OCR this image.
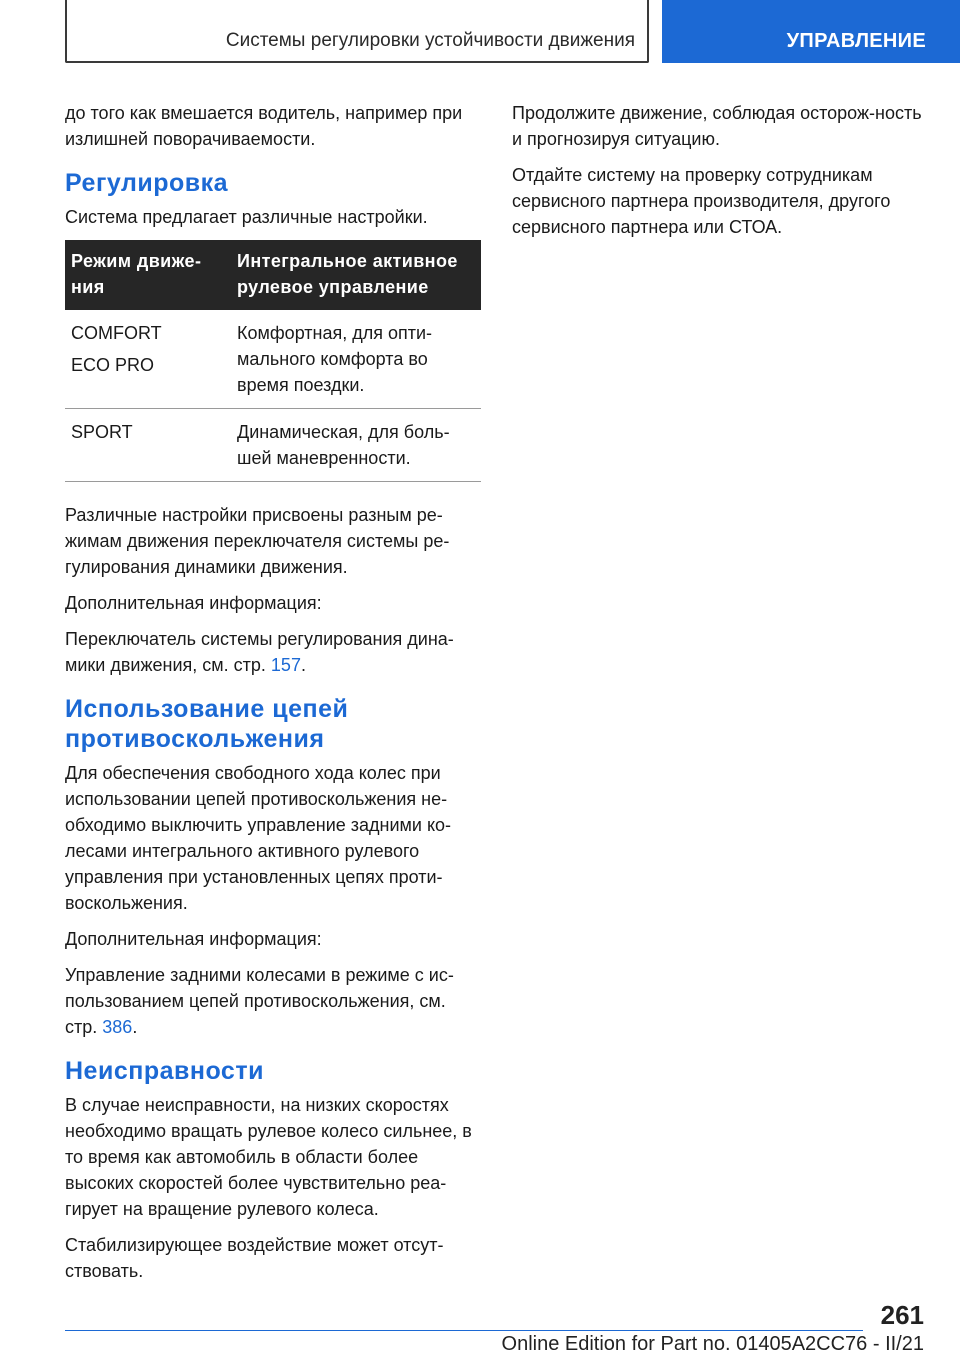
Системы регулировки устойчивости движения	УПРАВЛЕНИЕ

до того как вмешается водитель, например при излишней поворачиваемости.

Регулировка

Система предлагает различные настройки.

Режим движе-ния	Интегральное активное рулевое управление

COMFORT
ECO PRO	Комфортная, для опти-мального комфорта во время поездки.

SPORT	Динамическая, для боль-шей маневренности.

Различные настройки присвоены разным ре-жимам движения переключателя системы ре-гулирования динамики движения.

Дополнительная информация:

Переключатель системы регулирования дина-мики движения, см. стр. 157.

Использование цепей противоскольжения

Для обеспечения свободного хода колес при использовании цепей противоскольжения не-обходимо выключить управление задними ко-лесами интегрального активного рулевого управления при установленных цепях проти-воскольжения.

Дополнительная информация:

Управление задними колесами в режиме с ис-пользованием цепей противоскольжения, см. стр. 386.

Неисправности

В случае неисправности, на низких скоростях необходимо вращать рулевое колесо сильнее, в то время как автомобиль в области более высоких скоростей более чувствительно реа-гирует на вращение рулевого колеса.

Стабилизирующее воздействие может отсут-ствовать.

Продолжите движение, соблюдая осторож-ность и прогнозируя ситуацию.

Отдайте систему на проверку сотрудникам сервисного партнера производителя, другого сервисного партнера или СТОА.

261
Online Edition for Part no. 01405A2CC76 - II/21
